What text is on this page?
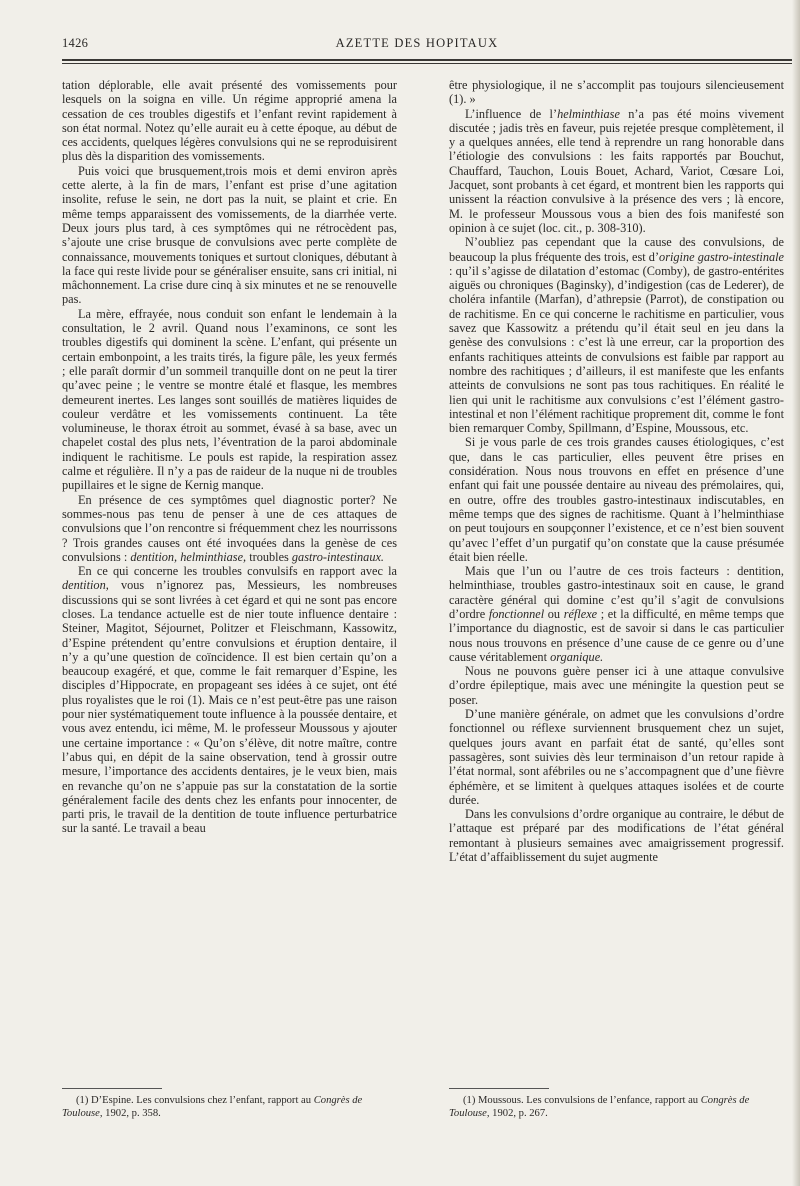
1426	AZETTE DES HOPITAUX

tation déplorable, elle avait présenté des vomissements pour lesquels on la soigna en ville. Un régime approprié amena la cessation de ces troubles digestifs et l’enfant revint rapidement à son état normal. Notez qu’elle aurait eu à cette époque, au début de ces accidents, quelques légères convulsions qui ne se reproduisirent plus dès la disparition des vomissements.

Puis voici que brusquement,trois mois et demi environ après cette alerte, à la fin de mars, l’enfant est prise d’une agitation insolite, refuse le sein, ne dort pas la nuit, se plaint et crie. En même temps apparaissent des vomissements, de la diarrhée verte. Deux jours plus tard, à ces symptômes qui ne rétrocèdent pas, s’ajoute une crise brusque de convulsions avec perte complète de connaissance, mouvements toniques et surtout cloniques, débutant à la face qui reste livide pour se généraliser ensuite, sans cri initial, ni mâchonnement. La crise dure cinq à six minutes et ne se renouvelle pas.

La mère, effrayée, nous conduit son enfant le lendemain à la consultation, le 2 avril. Quand nous l’examinons, ce sont les troubles digestifs qui dominent la scène. L’enfant, qui présente un certain embonpoint, a les traits tirés, la figure pâle, les yeux fermés ; elle paraît dormir d’un sommeil tranquille dont on ne peut la tirer qu’avec peine ; le ventre se montre étalé et flasque, les membres demeurent inertes. Les langes sont souillés de matières liquides de couleur verdâtre et les vomissements continuent. La tête volumineuse, le thorax étroit au sommet, évasé à sa base, avec un chapelet costal des plus nets, l’éventration de la paroi abdominale indiquent le rachitisme. Le pouls est rapide, la respiration assez calme et régulière. Il n’y a pas de raideur de la nuque ni de troubles pupillaires et le signe de Kernig manque.

En présence de ces symptômes quel diagnostic porter? Ne sommes-nous pas tenu de penser à une de ces attaques de convulsions que l’on rencontre si fréquemment chez les nourrissons ? Trois grandes causes ont été invoquées dans la genèse de ces convulsions : dentition, helminthiase, troubles gastro-intestinaux.

En ce qui concerne les troubles convulsifs en rapport avec la dentition, vous n’ignorez pas, Messieurs, les nombreuses discussions qui se sont livrées à cet égard et qui ne sont pas encore closes. La tendance actuelle est de nier toute influence dentaire : Steiner, Magitot, Séjournet, Politzer et Fleischmann, Kassowitz, d’Espine prétendent qu’entre convulsions et éruption dentaire, il n’y a qu’une question de coïncidence. Il est bien certain qu’on a beaucoup exagéré, et que, comme le fait remarquer d’Espine, les disciples d’Hippocrate, en propageant ses idées à ce sujet, ont été plus royalistes que le roi (1). Mais ce n’est peut-être pas une raison pour nier systématiquement toute influence à la poussée dentaire, et vous avez entendu, ici même, M. le professeur Moussous y ajouter une certaine importance : « Qu’on s’élève, dit notre maître, contre l’abus qui, en dépit de la saine observation, tend à grossir outre mesure, l’importance des accidents dentaires, je le veux bien, mais en revanche qu’on ne s’appuie pas sur la constatation de la sortie généralement facile des dents chez les enfants pour innocenter, de parti pris, le travail de la dentition de toute influence perturbatrice sur la santé. Le travail a beau

être physiologique, il ne s’accomplit pas toujours silencieusement (1). »

L’influence de l’helminthiase n’a pas été moins vivement discutée ; jadis très en faveur, puis rejetée presque complètement, il y a quelques années, elle tend à reprendre un rang honorable dans l’étiologie des convulsions : les faits rapportés par Bouchut, Chauffard, Tauchon, Louis Bouet, Achard, Variot, Cœsare Loi, Jacquet, sont probants à cet égard, et montrent bien les rapports qui unissent la réaction convulsive à la présence des vers ; là encore, M. le professeur Moussous vous a bien des fois manifesté son opinion à ce sujet (loc. cit., p. 308-310).

N’oubliez pas cependant que la cause des convulsions, de beaucoup la plus fréquente des trois, est d’origine gastro-intestinale : qu’il s’agisse de dilatation d’estomac (Comby), de gastro-entérites aiguës ou chroniques (Baginsky), d’indigestion (cas de Lederer), de choléra infantile (Marfan), d’athrepsie (Parrot), de constipation ou de rachitisme. En ce qui concerne le rachitisme en particulier, vous savez que Kassowitz a prétendu qu’il était seul en jeu dans la genèse des convulsions : c’est là une erreur, car la proportion des enfants rachitiques atteints de convulsions est faible par rapport au nombre des rachitiques ; d’ailleurs, il est manifeste que les enfants atteints de convulsions ne sont pas tous rachitiques. En réalité le lien qui unit le rachitisme aux convulsions c’est l’élément gastro-intestinal et non l’élément rachitique proprement dit, comme le font bien remarquer Comby, Spillmann, d’Espine, Moussous, etc.

Si je vous parle de ces trois grandes causes étiologiques, c’est que, dans le cas particulier, elles peuvent être prises en considération. Nous nous trouvons en effet en présence d’une enfant qui fait une poussée dentaire au niveau des prémolaires, qui, en outre, offre des troubles gastro-intestinaux indiscutables, en même temps que des signes de rachitisme. Quant à l’helminthiase on peut toujours en soupçonner l’existence, et ce n’est bien souvent qu’avec l’effet d’un purgatif qu’on constate que la cause présumée était bien réelle.

Mais que l’un ou l’autre de ces trois facteurs : dentition, helminthiase, troubles gastro-intestinaux soit en cause, le grand caractère général qui domine c’est qu’il s’agit de convulsions d’ordre fonctionnel ou réflexe ; et la difficulté, en même temps que l’importance du diagnostic, est de savoir si dans le cas particulier nous nous trouvons en présence d’une cause de ce genre ou d’une cause véritablement organique.

Nous ne pouvons guère penser ici à une attaque convulsive d’ordre épileptique, mais avec une méningite la question peut se poser.

D’une manière générale, on admet que les convulsions d’ordre fonctionnel ou réflexe surviennent brusquement chez un sujet, quelques jours avant en parfait état de santé, qu’elles sont passagères, sont suivies dès leur terminaison d’un retour rapide à l’état normal, sont afébriles ou ne s’accompagnent que d’une fièvre éphémère, et se limitent à quelques attaques isolées et de courte durée.

Dans les convulsions d’ordre organique au contraire, le début de l’attaque est préparé par des modifications de l’état général remontant à plusieurs semaines avec amaigrissement progressif. L’état d’affaiblissement du sujet augmente

(1) D’Espine. Les convulsions chez l’enfant, rapport au Congrès de Toulouse, 1902, p. 358.

(1) Moussous. Les convulsions de l’enfance, rapport au Congrès de Toulouse, 1902, p. 267.
